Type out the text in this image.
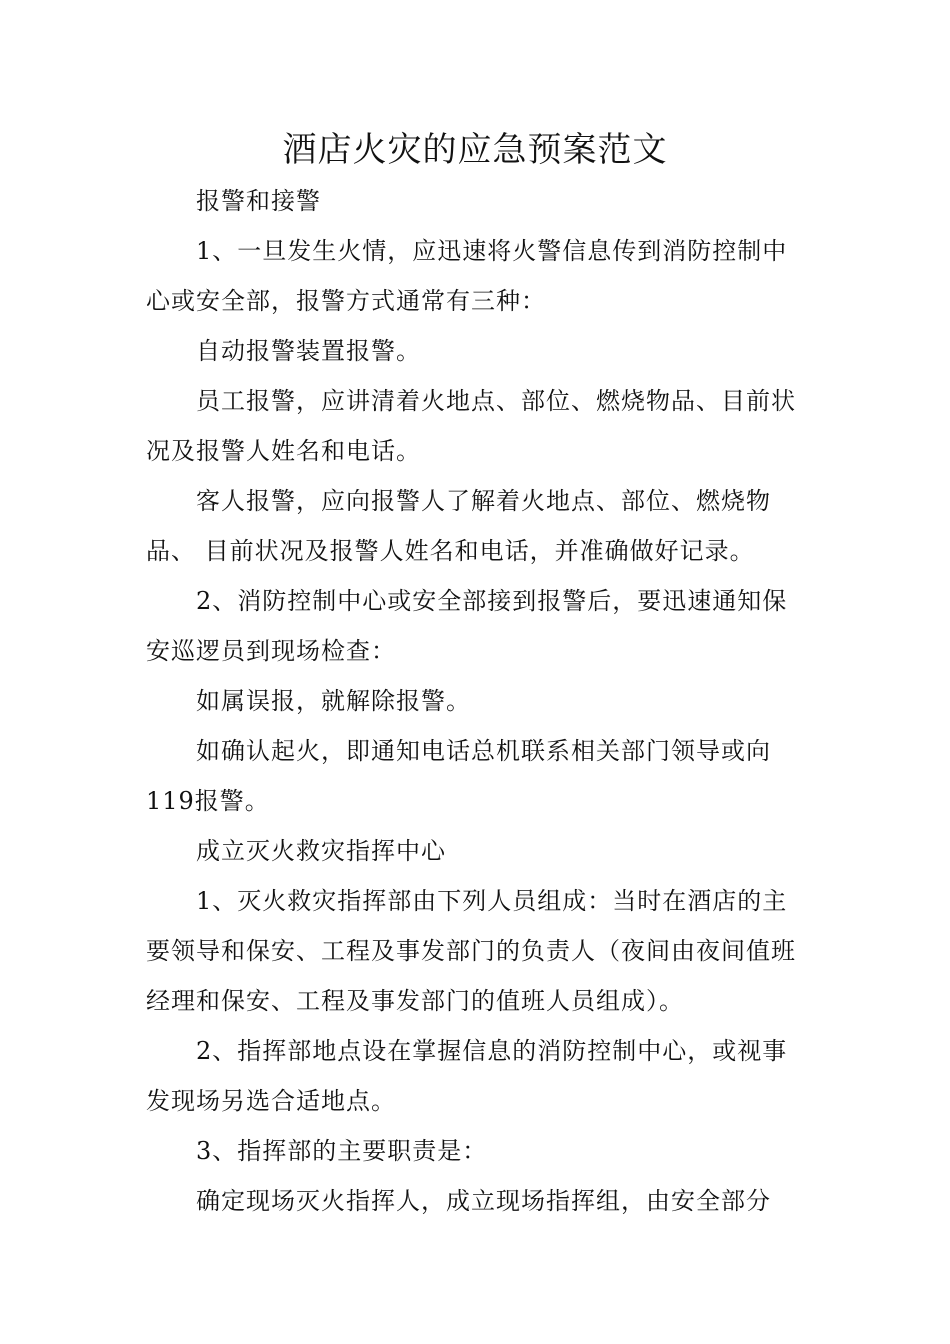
酒店火灾的应急预案范文

报警和接警

1、一旦发生火情，应迅速将火警信息传到消防控制中心或安全部，报警方式通常有三种：

自动报警装置报警。

员工报警，应讲清着火地点、部位、燃烧物品、目前状况及报警人姓名和电话。

客人报警，应向报警人了解着火地点、部位、燃烧物品、 目前状况及报警人姓名和电话，并准确做好记录。

2、消防控制中心或安全部接到报警后，要迅速通知保安巡逻员到现场检查：

如属误报，就解除报警。

如确认起火，即通知电话总机联系相关部门领导或向119报警。

成立灭火救灾指挥中心

1、灭火救灾指挥部由下列人员组成：当时在酒店的主要领导和保安、工程及事发部门的负责人（夜间由夜间值班经理和保安、工程及事发部门的值班人员组成）。

2、指挥部地点设在掌握信息的消防控制中心，或视事发现场另选合适地点。

3、指挥部的主要职责是：

确定现场灭火指挥人，成立现场指挥组，由安全部分
